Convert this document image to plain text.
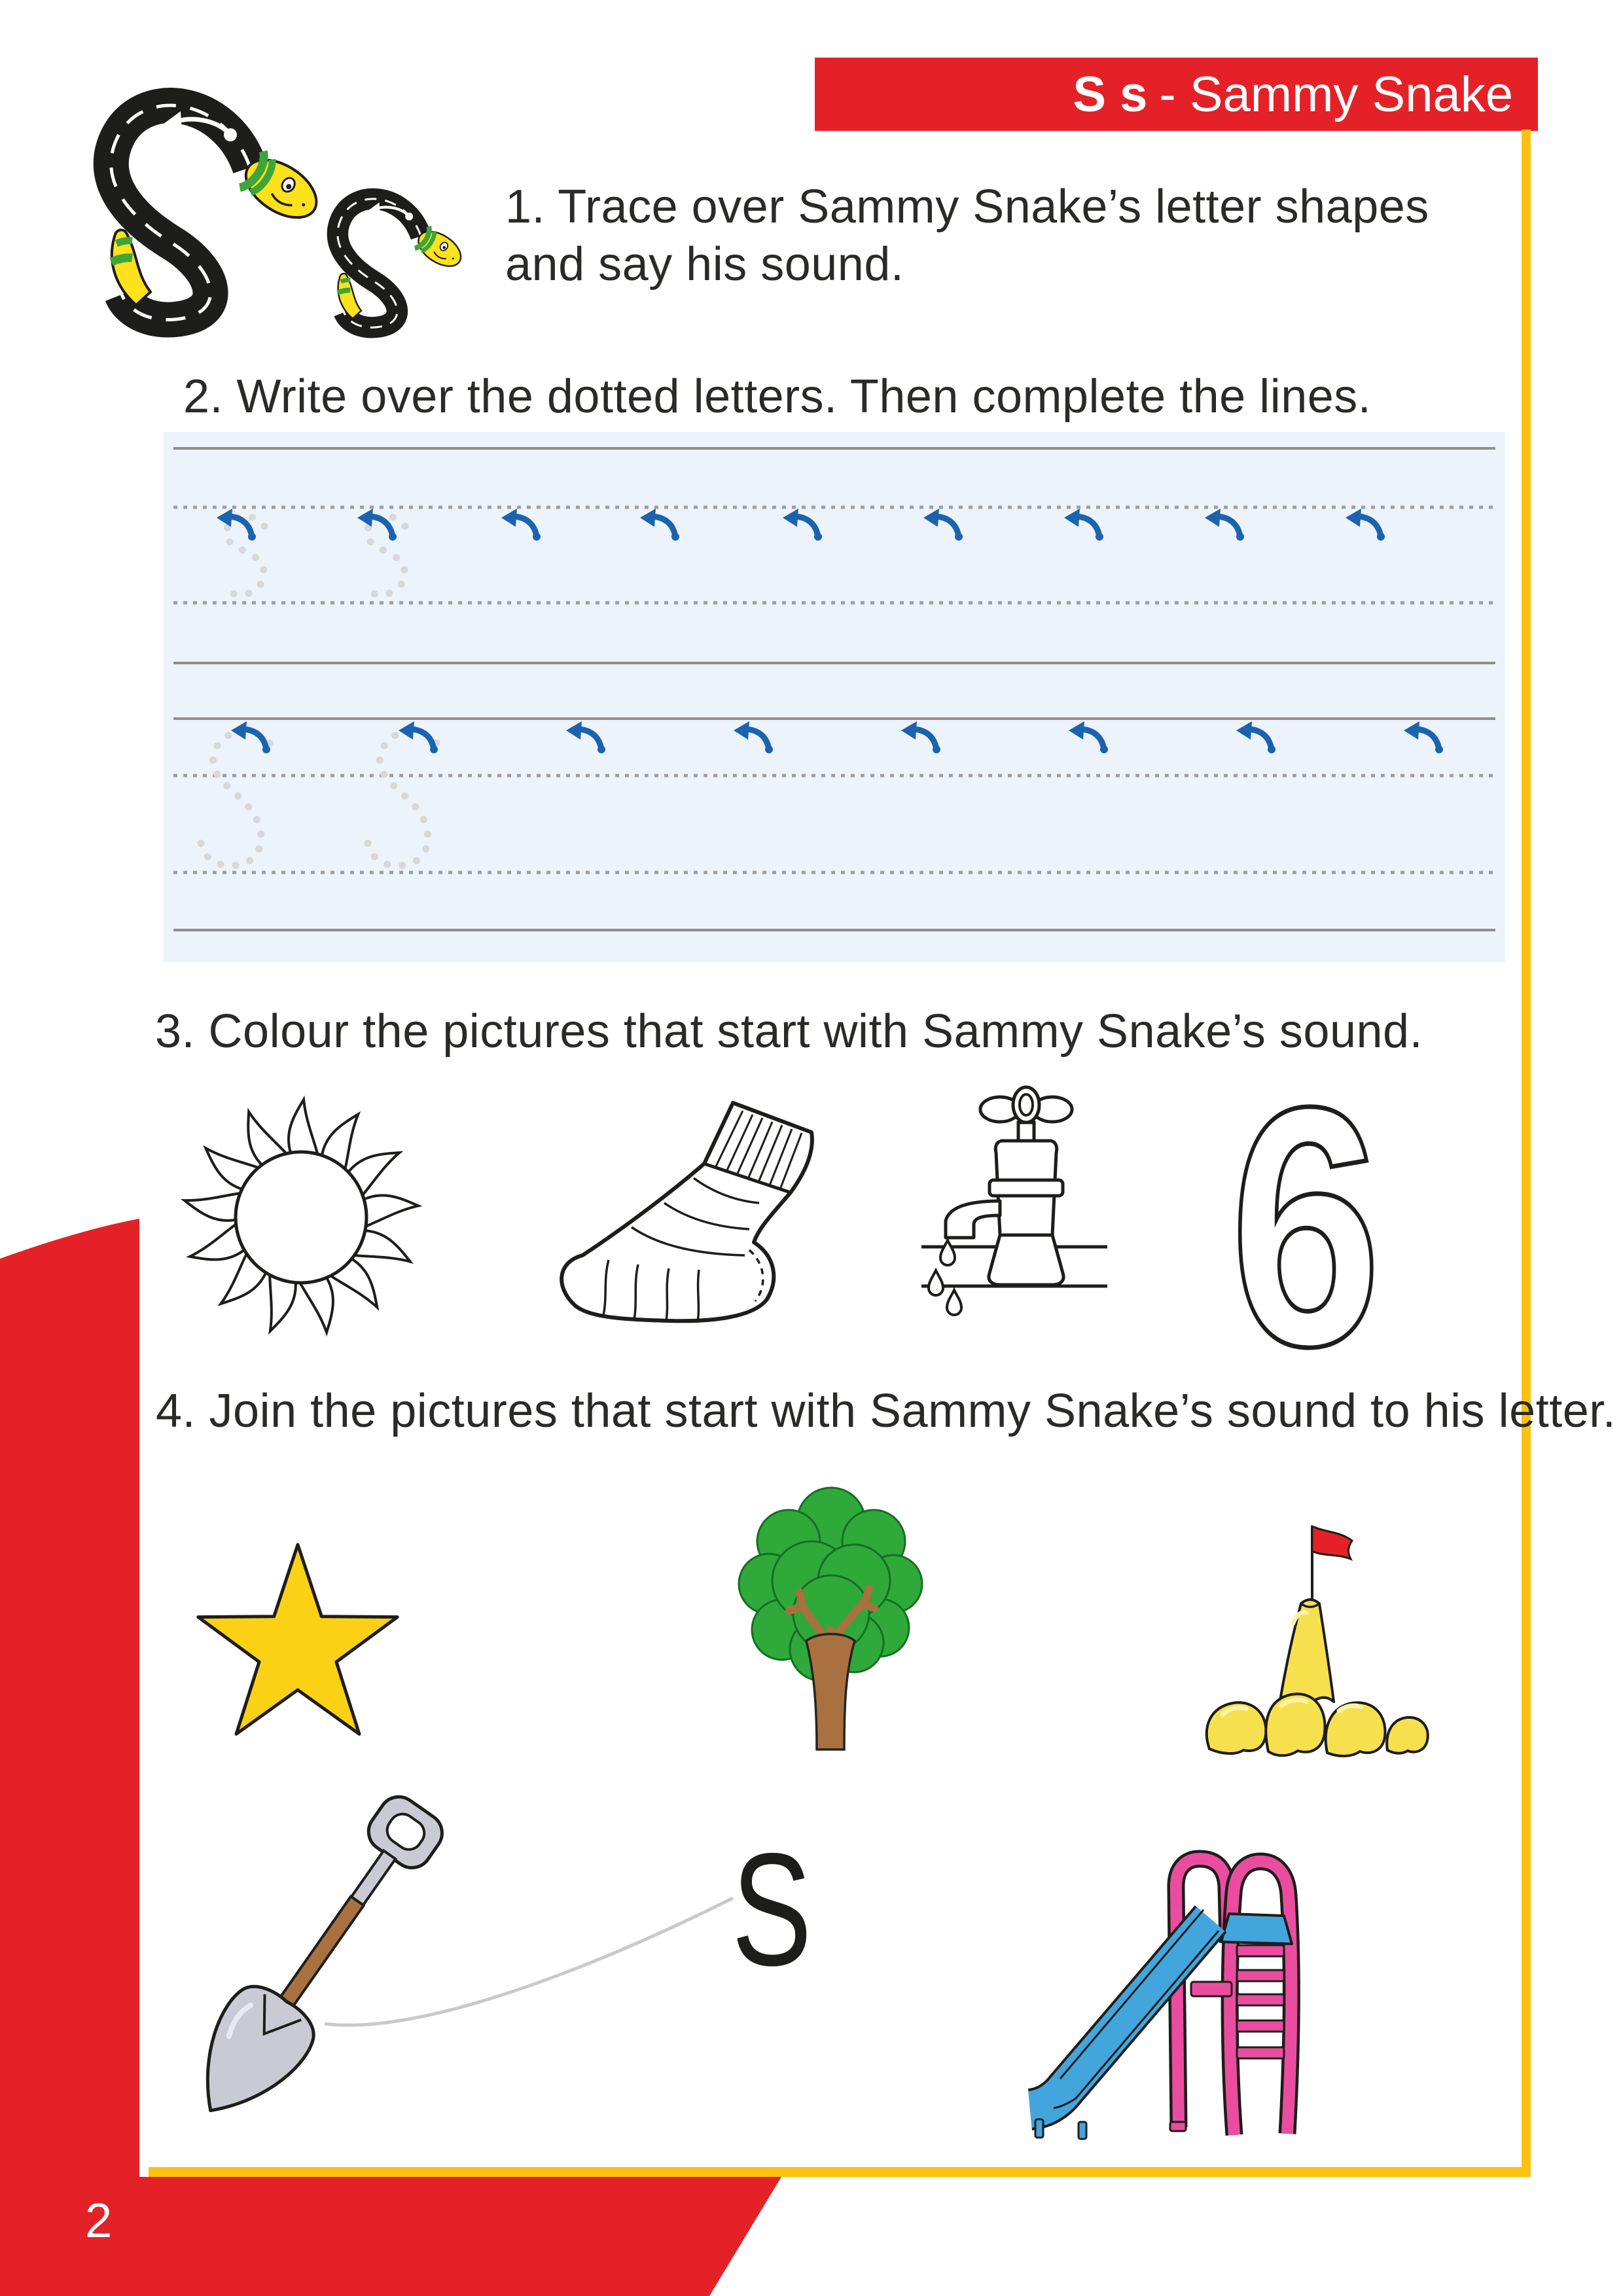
S s - Sammy Snake
1. Trace over Sammy Snake’s letter shapes
and say his sound.
2. Write over the dotted letters. Then complete the lines.
3. Colour the pictures that start with Sammy Snake’s sound.
6
4. Join the pictures that start with Sammy Snake’s sound to his letter.
S
2
